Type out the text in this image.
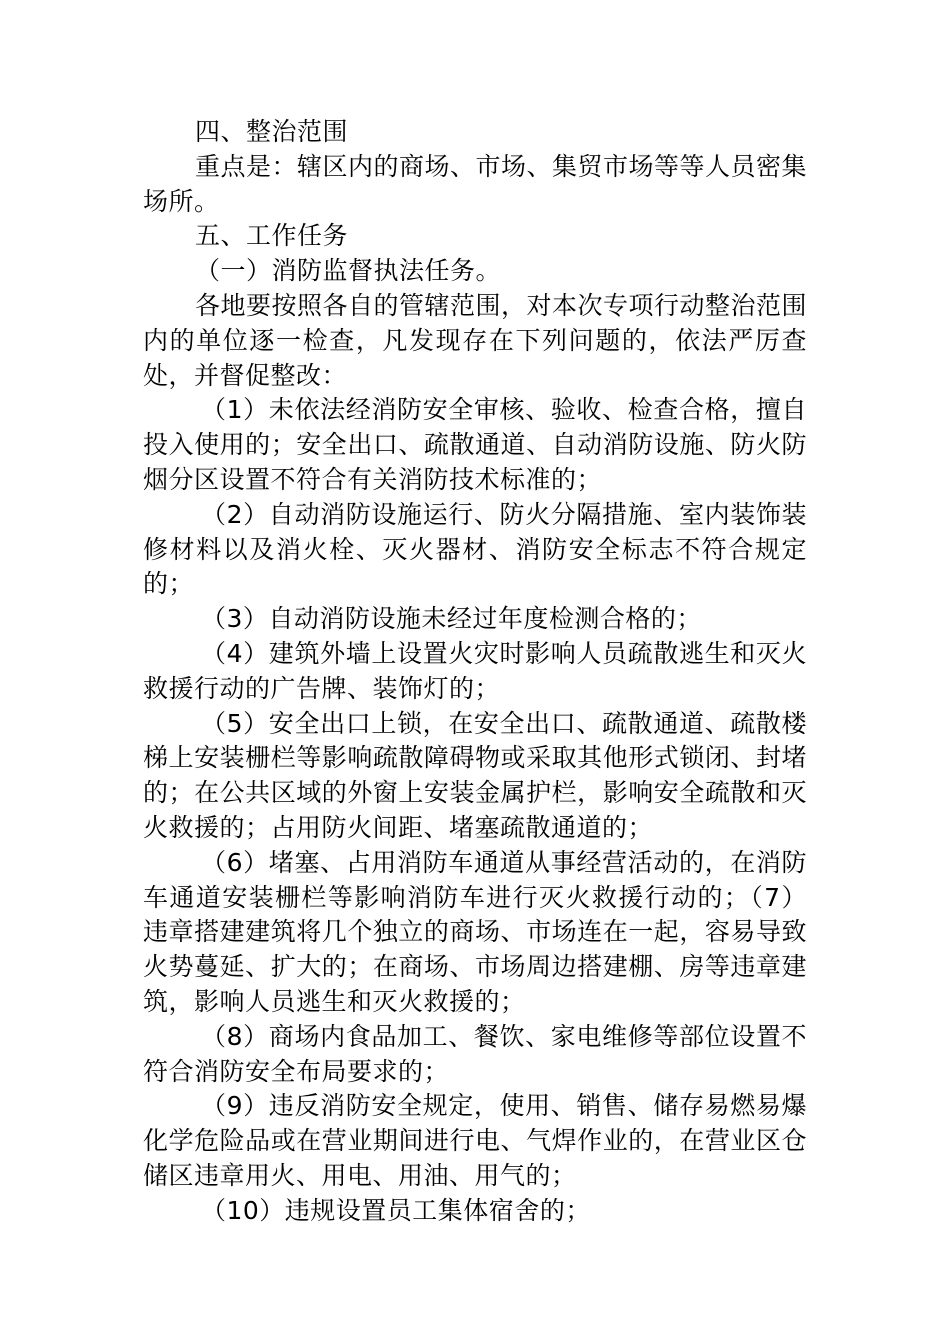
四、整治范围

重点是：辖区内的商场、市场、集贸市场等等人员密集场所。

五、工作任务

（一）消防监督执法任务。

各地要按照各自的管辖范围，对本次专项行动整治范围内的单位逐一检查，凡发现存在下列问题的，依法严厉查处，并督促整改：

（1）未依法经消防安全审核、验收、检查合格，擅自投入使用的；安全出口、疏散通道、自动消防设施、防火防烟分区设置不符合有关消防技术标准的；

（2）自动消防设施运行、防火分隔措施、室内装饰装修材料以及消火栓、灭火器材、消防安全标志不符合规定的；

（3）自动消防设施未经过年度检测合格的；

（4）建筑外墙上设置火灾时影响人员疏散逃生和灭火救援行动的广告牌、装饰灯的；

（5）安全出口上锁，在安全出口、疏散通道、疏散楼梯上安装栅栏等影响疏散障碍物或采取其他形式锁闭、封堵的；在公共区域的外窗上安装金属护栏，影响安全疏散和灭火救援的；占用防火间距、堵塞疏散通道的；

（6）堵塞、占用消防车通道从事经营活动的，在消防车通道安装栅栏等影响消防车进行灭火救援行动的；（7）违章搭建建筑将几个独立的商场、市场连在一起，容易导致火势蔓延、扩大的；在商场、市场周边搭建棚、房等违章建筑，影响人员逃生和灭火救援的；

（8）商场内食品加工、餐饮、家电维修等部位设置不符合消防安全布局要求的；

（9）违反消防安全规定，使用、销售、储存易燃易爆化学危险品或在营业期间进行电、气焊作业的，在营业区仓储区违章用火、用电、用油、用气的；

（10）违规设置员工集体宿舍的；
